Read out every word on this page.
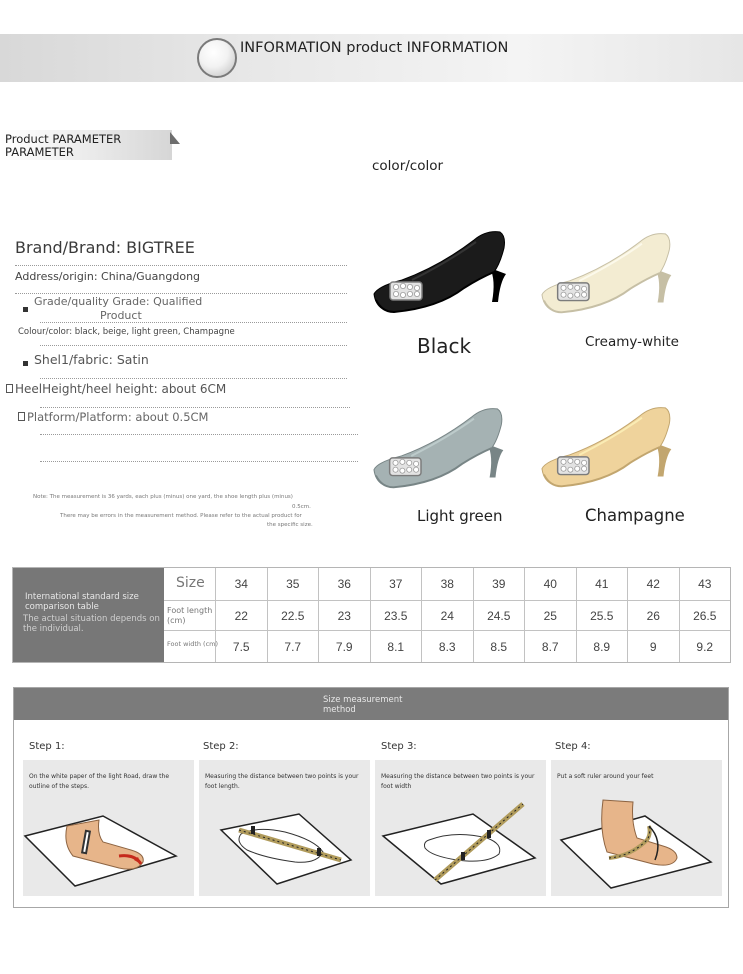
INFORMATION product INFORMATION
Product PARAMETER PARAMETER
color/color
Brand/Brand: BIGTREE
Address/origin: China/Guangdong
Grade/quality Grade: Qualified
Product
Colour/color: black, beige, light green, Champagne
Shel1/fabric: Satin
HeelHeight/heel height: about 6CM
Platform/Platform: about 0.5CM
Note: The measurement is 36 yards, each plus (minus) one yard, the shoe length plus (minus)
0.5cm.
There may be errors in the measurement method. Please refer to the actual product for
the specific size.
Black	Creamy-white
Light green	Champagne
International standard size comparison table
The actual situation depends on the individual.
Size	34	35	36	37	38	39	40	41	42	43
Foot length (cm)	22	22.5	23	23.5	24	24.5	25	25.5	26	26.5
Foot width (cm)	7.5	7.7	7.9	8.1	8.3	8.5	8.7	8.9	9	9.2
Size measurement method
Step 1:	Step 2:	Step 3:	Step 4:
On the white paper of the light Road, draw the outline of the steps.
Measuring the distance between two points is your foot length.
Measuring the distance between two points is your foot width
Put a soft ruler around your feet
